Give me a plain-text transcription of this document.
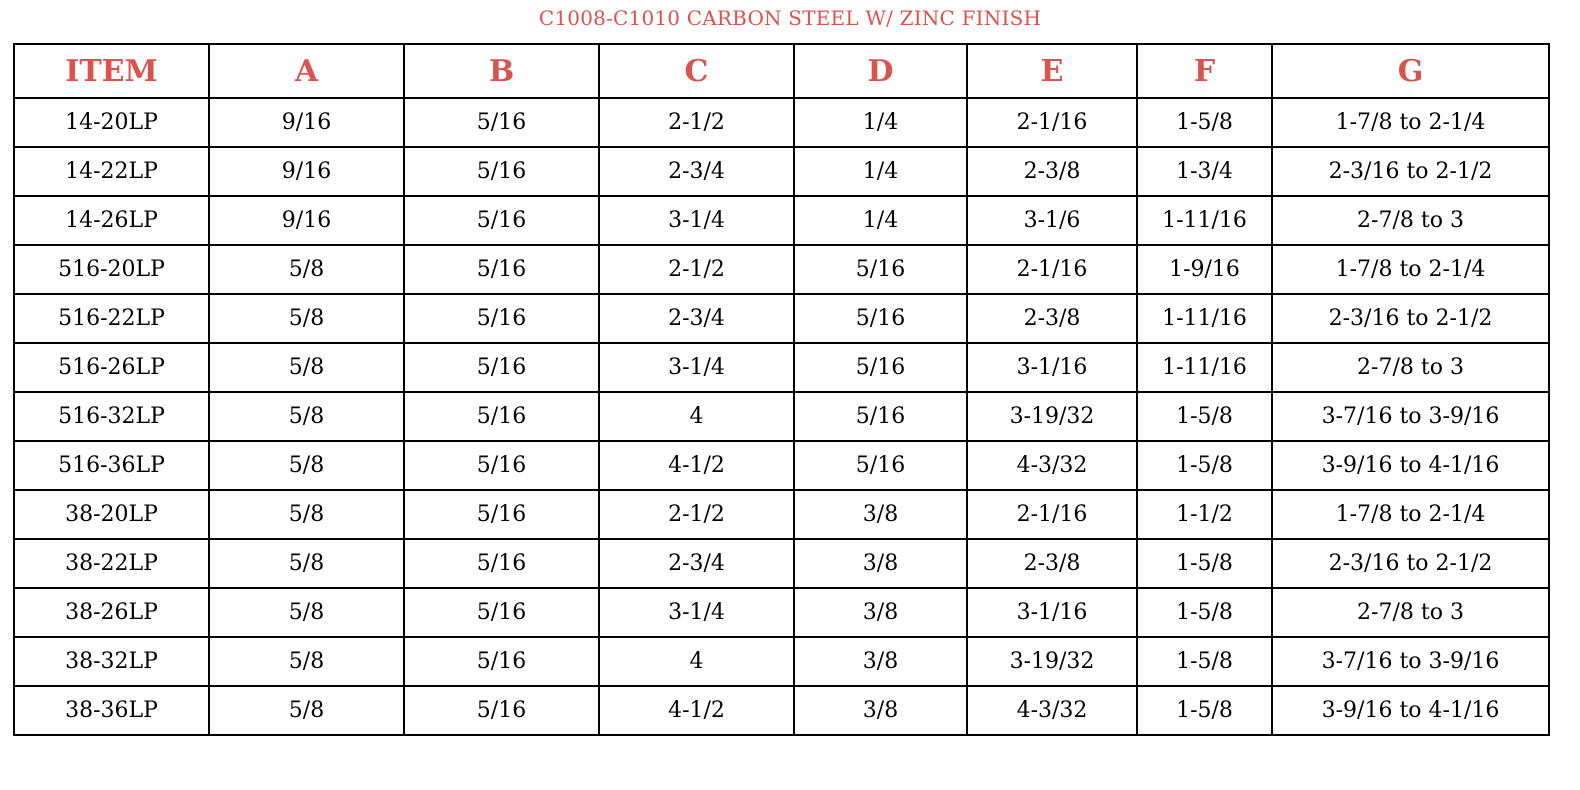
C1008-C1010 CARBON STEEL W/ ZINC FINISH
ITEM	A	B	C	D	E	F	G
14-20LP	9/16	5/16	2-1/2	1/4	2-1/16	1-5/8	1-7/8 to 2-1/4
14-22LP	9/16	5/16	2-3/4	1/4	2-3/8	1-3/4	2-3/16 to 2-1/2
14-26LP	9/16	5/16	3-1/4	1/4	3-1/6	1-11/16	2-7/8 to 3
516-20LP	5/8	5/16	2-1/2	5/16	2-1/16	1-9/16	1-7/8 to 2-1/4
516-22LP	5/8	5/16	2-3/4	5/16	2-3/8	1-11/16	2-3/16 to 2-1/2
516-26LP	5/8	5/16	3-1/4	5/16	3-1/16	1-11/16	2-7/8 to 3
516-32LP	5/8	5/16	4	5/16	3-19/32	1-5/8	3-7/16 to 3-9/16
516-36LP	5/8	5/16	4-1/2	5/16	4-3/32	1-5/8	3-9/16 to 4-1/16
38-20LP	5/8	5/16	2-1/2	3/8	2-1/16	1-1/2	1-7/8 to 2-1/4
38-22LP	5/8	5/16	2-3/4	3/8	2-3/8	1-5/8	2-3/16 to 2-1/2
38-26LP	5/8	5/16	3-1/4	3/8	3-1/16	1-5/8	2-7/8 to 3
38-32LP	5/8	5/16	4	3/8	3-19/32	1-5/8	3-7/16 to 3-9/16
38-36LP	5/8	5/16	4-1/2	3/8	4-3/32	1-5/8	3-9/16 to 4-1/16
